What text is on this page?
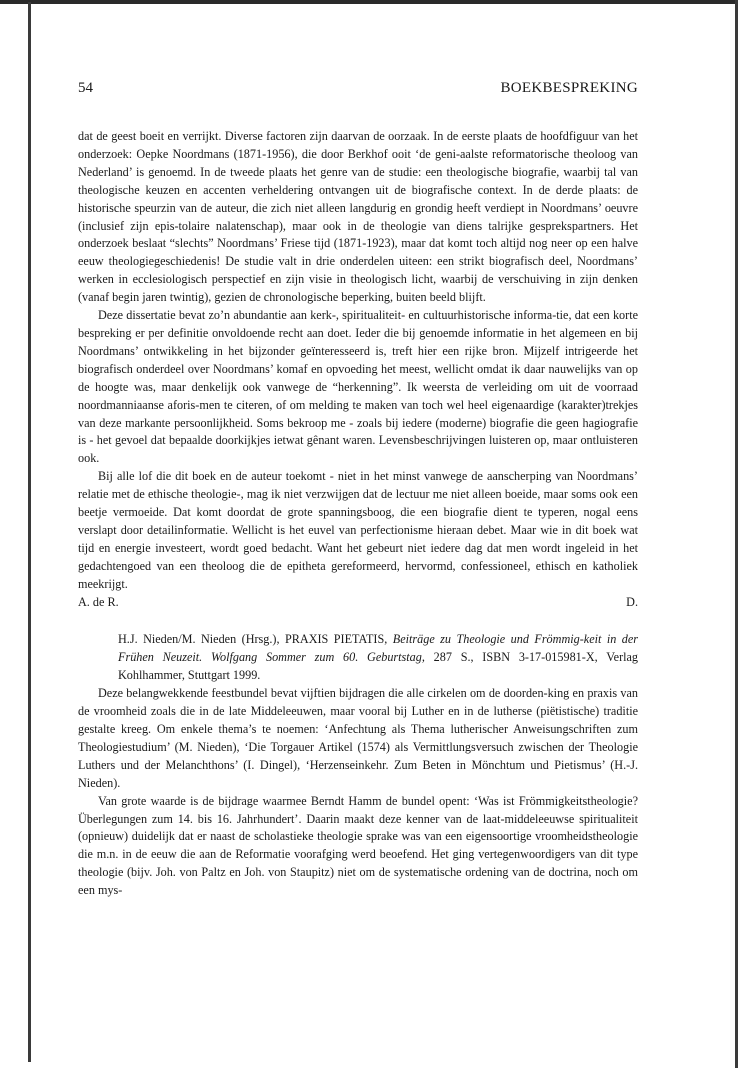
54	BOEKBESPREKING

dat de geest boeit en verrijkt. Diverse factoren zijn daarvan de oorzaak. In de eerste plaats de hoofdfiguur van het onderzoek: Oepke Noordmans (1871-1956), die door Berkhof ooit ‘de geni-aalste reformatorische theoloog van Nederland’ is genoemd. In de tweede plaats het genre van de studie: een theologische biografie, waarbij tal van theologische keuzen en accenten verheldering ontvangen uit de biografische context. In de derde plaats: de historische speurzin van de auteur, die zich niet alleen langdurig en grondig heeft verdiept in Noordmans’ oeuvre (inclusief zijn epis-tolaire nalatenschap), maar ook in de theologie van diens talrijke gesprekspartners. Het onderzoek beslaat “slechts” Noordmans’ Friese tijd (1871-1923), maar dat komt toch altijd nog neer op een halve eeuw theologiegeschiedenis! De studie valt in drie onderdelen uiteen: een strikt biografisch deel, Noordmans’ werken in ecclesiologisch perspectief en zijn visie in theologisch licht, waarbij de verschuiving in zijn denken (vanaf begin jaren twintig), gezien de chronologische beperking, buiten beeld blijft.

Deze dissertatie bevat zo’n abundantie aan kerk-, spiritualiteit- en cultuurhistorische informa-tie, dat een korte bespreking er per definitie onvoldoende recht aan doet. Ieder die bij genoemde informatie in het algemeen en bij Noordmans’ ontwikkeling in het bijzonder geïnteresseerd is, treft hier een rijke bron. Mijzelf intrigeerde het biografisch onderdeel over Noordmans’ komaf en opvoeding het meest, wellicht omdat ik daar nauwelijks van op de hoogte was, maar denkelijk ook vanwege de “herkenning”. Ik weersta de verleiding om uit de voorraad noordmanniaanse aforis-men te citeren, of om melding te maken van toch wel heel eigenaardige (karakter)trekjes van deze markante persoonlijkheid. Soms bekroop me - zoals bij iedere (moderne) biografie die geen hagiografie is - het gevoel dat bepaalde doorkijkjes ietwat gênant waren. Levensbeschrijvingen luisteren op, maar ontluisteren ook.

Bij alle lof die dit boek en de auteur toekomt - niet in het minst vanwege de aanscherping van Noordmans’ relatie met de ethische theologie-, mag ik niet verzwijgen dat de lectuur me niet alleen boeide, maar soms ook een beetje vermoeide. Dat komt doordat de grote spanningsboog, die een biografie dient te typeren, nogal eens verslapt door detailinformatie. Wellicht is het euvel van perfectionisme hieraan debet. Maar wie in dit boek wat tijd en energie investeert, wordt goed bedacht. Want het gebeurt niet iedere dag dat men wordt ingeleid in het gedachtengoed van een theoloog die de epitheta gereformeerd, hervormd, confessioneel, ethisch en katholiek meekrijgt.

A. de R.	D.
H.J. Nieden/M. Nieden (Hrsg.), PRAXIS PIETATIS, Beiträge zu Theologie und Frömmig-keit in der Frühen Neuzeit. Wolfgang Sommer zum 60. Geburtstag, 287 S., ISBN 3-17-015981-X, Verlag Kohlhammer, Stuttgart 1999.

Deze belangwekkende feestbundel bevat vijftien bijdragen die alle cirkelen om de doorden-king en praxis van de vroomheid zoals die in de late Middeleeuwen, maar vooral bij Luther en in de lutherse (piëtistische) traditie gestalte kreeg. Om enkele thema’s te noemen: ‘Anfechtung als Thema lutherischer Anweisungschriften zum Theologiestudium’ (M. Nieden), ‘Die Torgauer Artikel (1574) als Vermittlungsversuch zwischen der Theologie Luthers und der Melanchthons’ (I. Dingel), ‘Herzenseinkehr. Zum Beten in Mönchtum und Pietismus’ (H.-J. Nieden).

Van grote waarde is de bijdrage waarmee Berndt Hamm de bundel opent: ‘Was ist Frömmigkeitstheologie? Überlegungen zum 14. bis 16. Jahrhundert’. Daarin maakt deze kenner van de laat-middeleeuwse spiritualiteit (opnieuw) duidelijk dat er naast de scholastieke theologie sprake was van een eigensoortige vroomheidstheologie die m.n. in de eeuw die aan de Reformatie voorafging werd beoefend. Het ging vertegenwoordigers van dit type theologie (bijv. Joh. von Paltz en Joh. von Staupitz) niet om de systematische ordening van de doctrina, noch om een mys-
